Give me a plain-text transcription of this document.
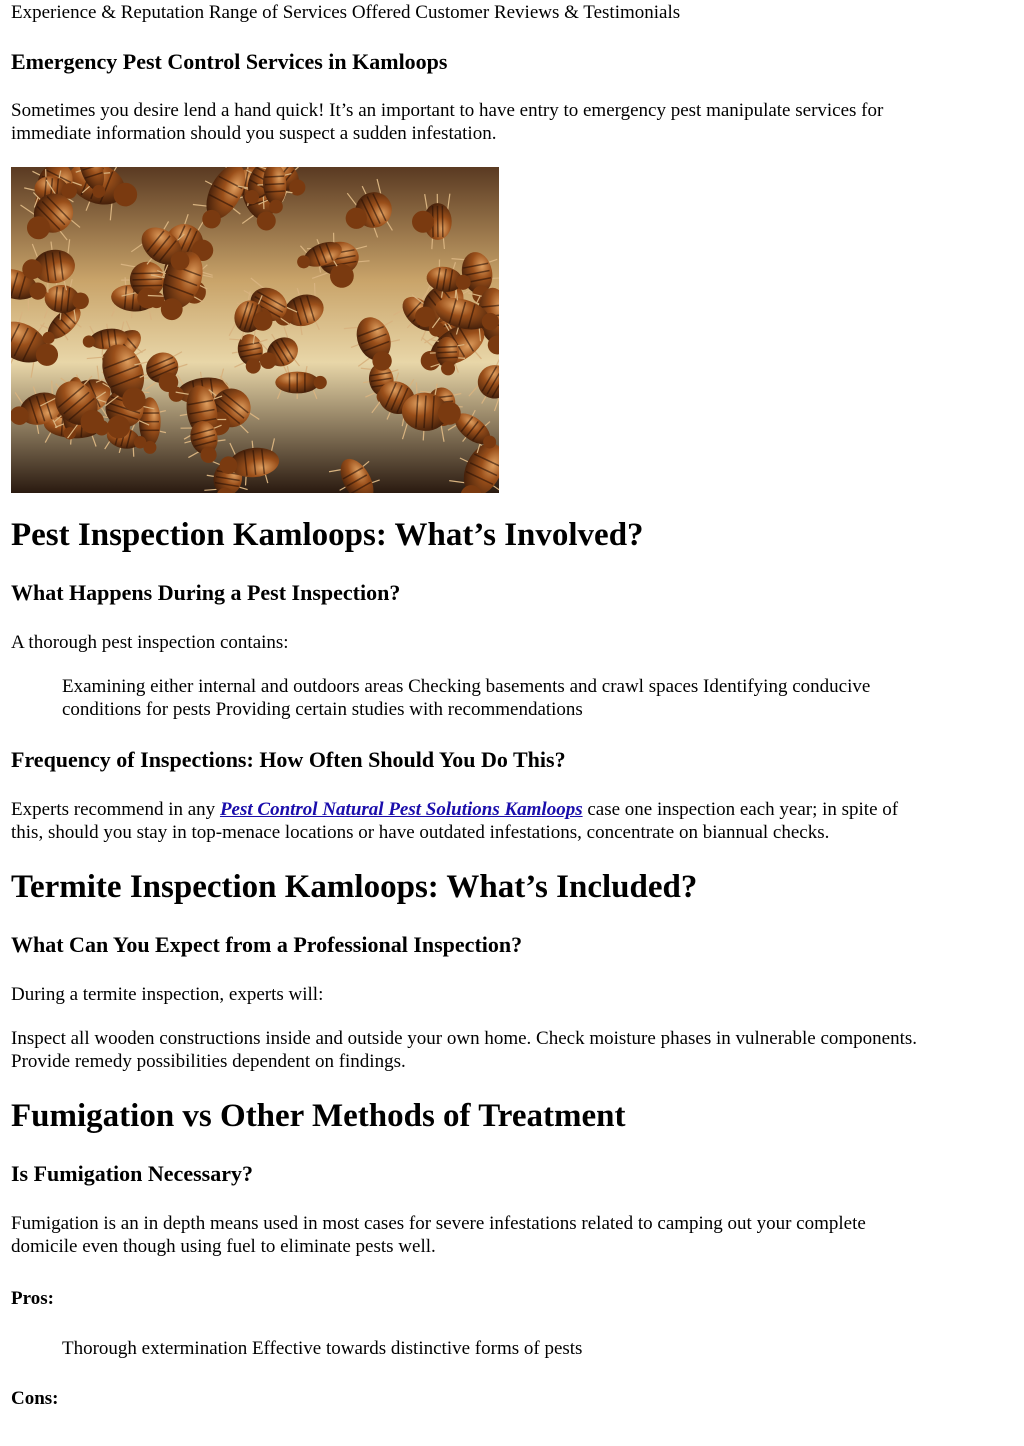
Experience & Reputation Range of Services Offered Customer Reviews & Testimonials

Emergency Pest Control Services in Kamloops

Sometimes you desire lend a hand quick! It’s an important to have entry to emergency pest manipulate services for

immediate information should you suspect a sudden infestation.

Pest Inspection Kamloops: What’s Involved?
What Happens During a Pest Inspection?

A thorough pest inspection contains:

Examining either internal and outdoors areas Checking basements and crawl spaces Identifying conducive

conditions for pests Providing certain studies with recommendations

Frequency of Inspections: How Often Should You Do This?

Experts recommend in any Pest Control Natural Pest Solutions Kamloops case one inspection each year; in spite of

this, should you stay in top-menace locations or have outdated infestations, concentrate on biannual checks.

Termite Inspection Kamloops: What’s Included?
What Can You Expect from a Professional Inspection?

During a termite inspection, experts will:

Inspect all wooden constructions inside and outside your own home. Check moisture phases in vulnerable components.

Provide remedy possibilities dependent on findings.

Fumigation vs Other Methods of Treatment
Is Fumigation Necessary?

Fumigation is an in depth means used in most cases for severe infestations related to camping out your complete

domicile even though using fuel to eliminate pests well.

Pros:

Thorough extermination Effective towards distinctive forms of pests

Cons:
